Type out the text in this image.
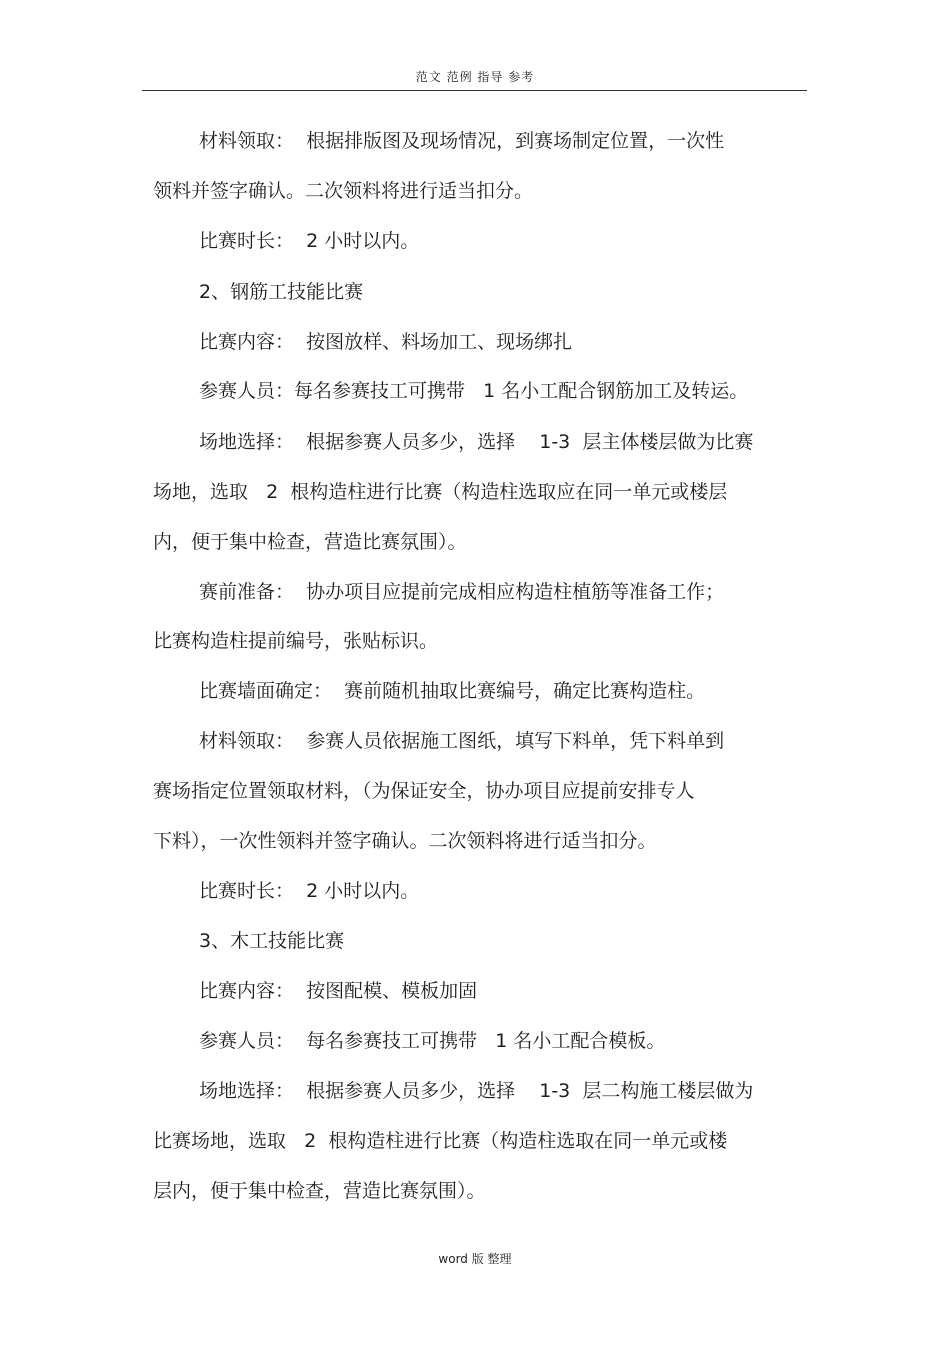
范文 范例 指导 参考
材料领取：  根据排版图及现场情况，到赛场制定位置，一次性
领料并签字确认。二次领料将进行适当扣分。
比赛时长：  2 小时以内。
2、钢筋工技能比赛
比赛内容：  按图放样、料场加工、现场绑扎
参赛人员：每名参赛技工可携带   1 名小工配合钢筋加工及转运。
场地选择：  根据参赛人员多少，选择    1-3  层主体楼层做为比赛
场地，选取   2  根构造柱进行比赛（构造柱选取应在同一单元或楼层
内，便于集中检查，营造比赛氛围）。
赛前准备：  协办项目应提前完成相应构造柱植筋等准备工作；
比赛构造柱提前编号，张贴标识。
比赛墙面确定：  赛前随机抽取比赛编号，确定比赛构造柱。
材料领取：  参赛人员依据施工图纸，填写下料单，凭下料单到
赛场指定位置领取材料，（为保证安全，协办项目应提前安排专人
下料），一次性领料并签字确认。二次领料将进行适当扣分。
比赛时长：  2 小时以内。
3、木工技能比赛
比赛内容：  按图配模、模板加固
参赛人员：  每名参赛技工可携带   1 名小工配合模板。
场地选择：  根据参赛人员多少，选择    1-3  层二构施工楼层做为
比赛场地，选取   2  根构造柱进行比赛（构造柱选取在同一单元或楼
层内，便于集中检查，营造比赛氛围）。
word 版 整理
